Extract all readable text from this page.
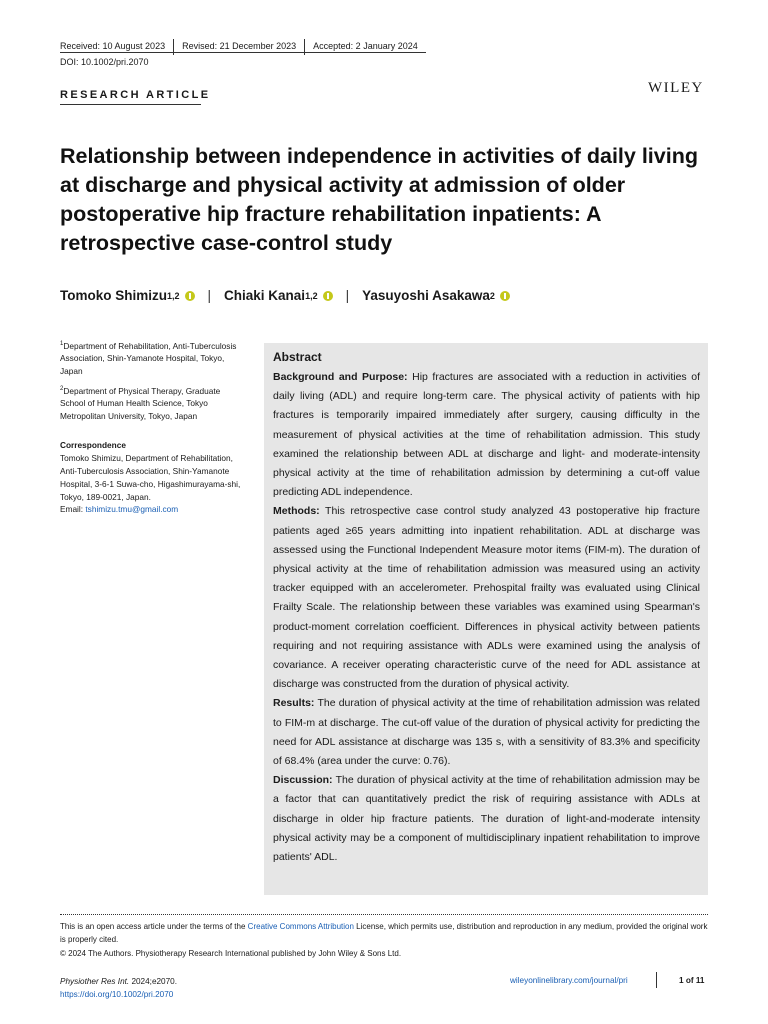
Received: 10 August 2023 Revised: 21 December 2023 Accepted: 2 January 2024
DOI: 10.1002/pri.2070
RESEARCH ARTICLE	WILEY
Relationship between independence in activities of daily living at discharge and physical activity at admission of older postoperative hip fracture rehabilitation inpatients: A retrospective case-control study
Tomoko Shimizu$^{1,2}$ | Chiaki Kanai$^{1,2}$ | Yasuyoshi Asakawa$^2$

$^1$Department of Rehabilitation, Anti-Tuberculosis Association, Shin-Yamanote Hospital, Tokyo, Japan

$^2$Department of Physical Therapy, Graduate School of Human Health Science, Tokyo Metropolitan University, Tokyo, Japan

Correspondence
Tomoko Shimizu, Department of Rehabilitation, Anti-Tuberculosis Association, Shin-Yamanote Hospital, 3-6-1 Suwa-cho, Higashimurayama-shi, Tokyo, 189-0021, Japan.
Email: tshimizu.tmu@gmail.com
Abstract

Background and Purpose: Hip fractures are associated with a reduction in activities of daily living (ADL) and require long-term care. The physical activity of patients with hip fractures is temporarily impaired immediately after surgery, causing difficulty in the measurement of physical activities at the time of rehabilitation admission. This study examined the relationship between ADL at discharge and light- and moderate-intensity physical activity at the time of rehabilitation admission by determining a cut-off value predicting ADL independence.

Methods: This retrospective case control study analyzed 43 postoperative hip fracture patients aged ≥65 years admitting into inpatient rehabilitation. ADL at discharge was assessed using the Functional Independent Measure motor items (FIM-m). The duration of physical activity at the time of rehabilitation admission was measured using an activity tracker equipped with an accelerometer. Prehospital frailty was evaluated using Clinical Frailty Scale. The relationship between these variables was examined using Spearman's product-moment correlation coefficient. Differences in physical activity between patients requiring and not requiring assistance with ADLs were examined using the analysis of covariance. A receiver operating characteristic curve of the need for ADL assistance at discharge was constructed from the duration of physical activity.

Results: The duration of physical activity at the time of rehabilitation admission was related to FIM-m at discharge. The cut-off value of the duration of physical activity for predicting the need for ADL assistance at discharge was 135 s, with a sensitivity of 83.3% and specificity of 68.4% (area under the curve: 0.76).

Discussion: The duration of physical activity at the time of rehabilitation admission may be a factor that can quantitatively predict the risk of requiring assistance with ADLs at discharge in older hip fracture patients. The duration of light-and-moderate intensity physical activity may be a component of multidisciplinary inpatient rehabilitation to improve patients' ADL.

This is an open access article under the terms of the Creative Commons Attribution License, which permits use, distribution and reproduction in any medium, provided the original work is properly cited.
© 2024 The Authors. Physiotherapy Research International published by John Wiley & Sons Ltd.
Physiother Res Int. 2024;e2070.
https://doi.org/10.1002/pri.2070
wileyonlinelibrary.com/journal/pri	1 of 11
